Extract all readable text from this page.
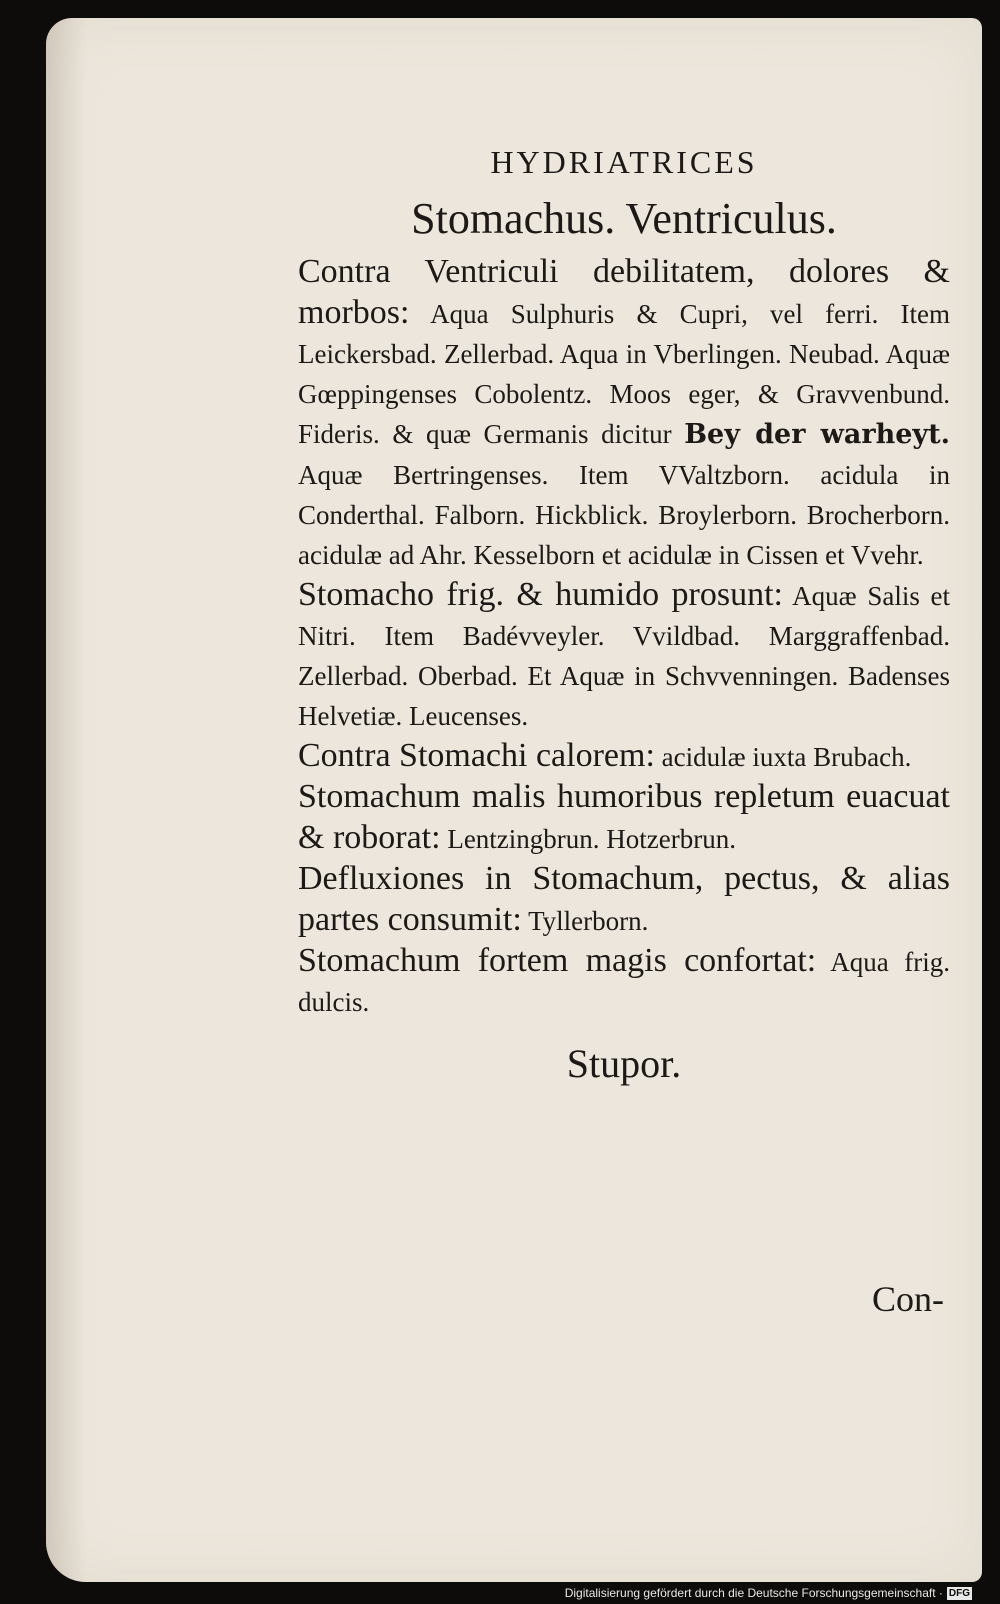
HYDRIATRICES
Stomachus. Ventriculus.

Contra Ventriculi debilitatem, dolores & morbos: Aqua Sulphuris & Cupri, vel ferri. Item Leickersbad. Zellerbad. Aqua in Vberlingen. Neubad. Aquæ Gœppingenses Cobolentz. Moos eger, & Gravvenbund. Fideris. & quæ Germanis dicitur Bey der warheyt. Aquæ Bertringenses. Item VValtzborn. acidula in Conderthal. Falborn. Hickblick. Broylerborn. Brocherborn. acidulæ ad Ahr. Kesselborn et acidulæ in Cissen et Vvehr.

Stomacho frig. & humido prosunt: Aquæ Salis et Nitri. Item Badévveyler. Vvildbad. Marggraffenbad. Zellerbad. Oberbad. Et Aquæ in Schvvenningen. Badenses Helvetiæ. Leucenses.

Contra Stomachi calorem: acidulæ iuxta Brubach.

Stomachum malis humoribus repletum euacuat & roborat: Lentzingbrun. Hotzerbrun.

Defluxiones in Stomachum, pectus, & alias partes consumit: Tyllerborn.

Stomachum fortem magis confortat: Aqua frig. dulcis.

Stupor.
Con-
Digitalisierung gefördert durch die Deutsche Forschungsgemeinschaft · DFG
